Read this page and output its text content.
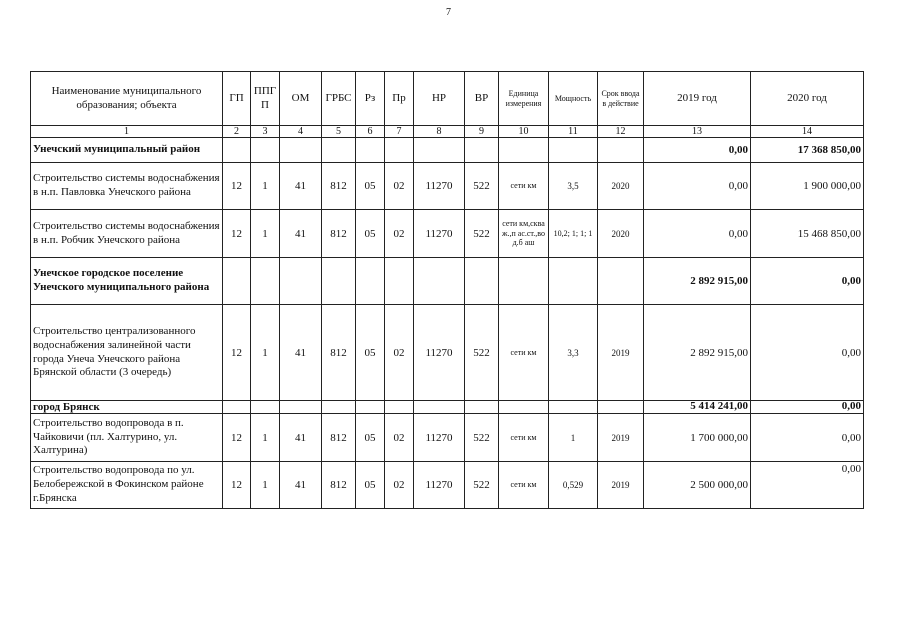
7
Наименование муниципального образования; объекта	ГП	ППГП	ОМ	ГРБС	Рз	Пр	НР	ВР	Единица измерения	Мощность	Срок ввода в действие	2019 год	2020 год
1	2	3	4	5	6	7	8	9	10	11	12	13	14
Унечский муниципальный район												0,00	17 368 850,00
Строительство системы водоснабжения в н.п. Павловка Унечского района	12	1	41	812	05	02	11270	522	сети км	3,5	2020	0,00	1 900 000,00
Строительство системы водоснабжения в н.п. Робчик Унечского района	12	1	41	812	05	02	11270	522	сети км,скваж.,п ас.ст.,вод.б аш	10,2; 1; 1; 1	2020	0,00	15 468 850,00
Унечское городское поселение Унечского муниципального района												2 892 915,00	0,00
Строительство централизованного водоснабжения залинейной части города Унеча Унечского района Брянской области (3 очередь)	12	1	41	812	05	02	11270	522	сети км	3,3	2019	2 892 915,00	0,00
город Брянск												5 414 241,00	0,00
Строительство водопровода в п. Чайковичи (пл. Халтурино, ул. Халтурина)	12	1	41	812	05	02	11270	522	сети км	1	2019	1 700 000,00	0,00
Строительство водопровода по ул. Белобережской в Фокинском районе г.Брянска	12	1	41	812	05	02	11270	522	сети км	0,529	2019	2 500 000,00	0,00
